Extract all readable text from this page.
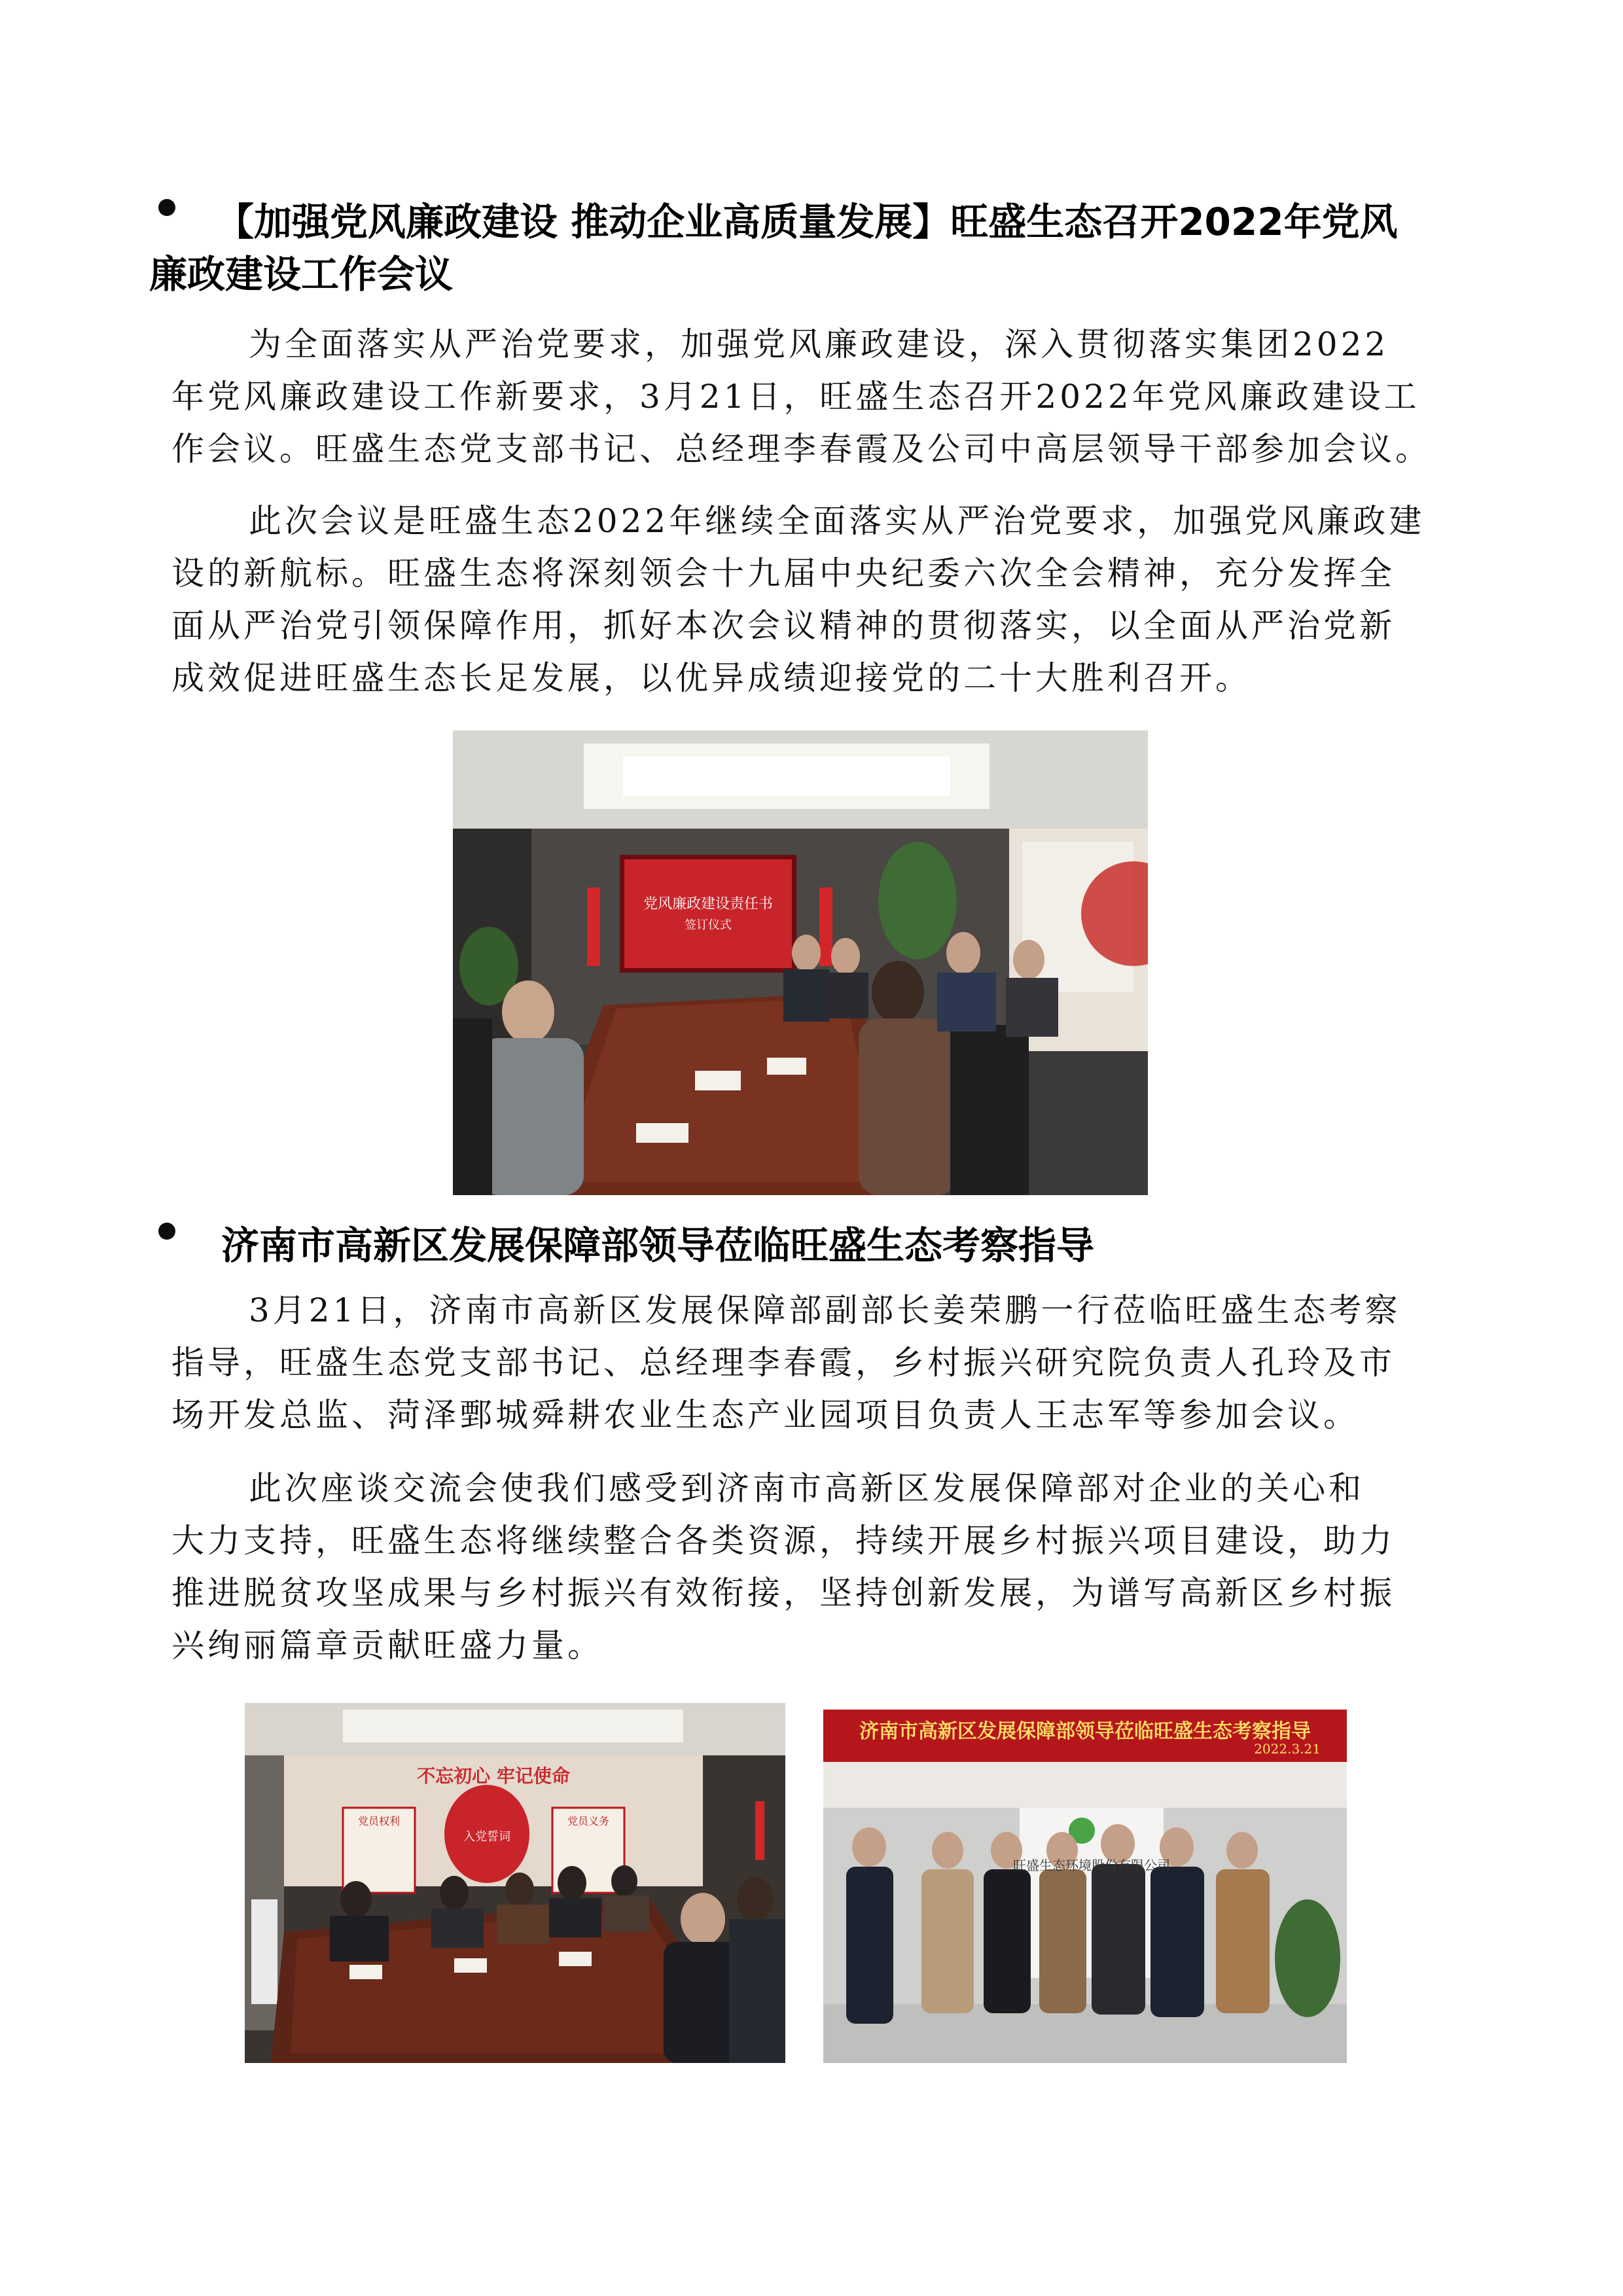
【加强党风廉政建设 推动企业高质量发展】旺盛生态召开2022年党风
廉政建设工作会议
为全面落实从严治党要求，加强党风廉政建设，深入贯彻落实集团2022
年党风廉政建设工作新要求，3月21日，旺盛生态召开2022年党风廉政建设工
作会议。旺盛生态党支部书记、总经理李春霞及公司中高层领导干部参加会议。
此次会议是旺盛生态2022年继续全面落实从严治党要求，加强党风廉政建
设的新航标。旺盛生态将深刻领会十九届中央纪委六次全会精神，充分发挥全
面从严治党引领保障作用，抓好本次会议精神的贯彻落实，以全面从严治党新
成效促进旺盛生态长足发展，以优异成绩迎接党的二十大胜利召开。
党风廉政建设责任书
签订仪式
济南市高新区发展保障部领导莅临旺盛生态考察指导
3月21日，济南市高新区发展保障部副部长姜荣鹏一行莅临旺盛生态考察
指导，旺盛生态党支部书记、总经理李春霞，乡村振兴研究院负责人孔玲及市
场开发总监、菏泽鄄城舜耕农业生态产业园项目负责人王志军等参加会议。
此次座谈交流会使我们感受到济南市高新区发展保障部对企业的关心和
大力支持，旺盛生态将继续整合各类资源，持续开展乡村振兴项目建设，助力
推进脱贫攻坚成果与乡村振兴有效衔接，坚持创新发展，为谱写高新区乡村振
兴绚丽篇章贡献旺盛力量。
不忘初心 牢记使命
党员权利
入党誓词
党员义务
济南市高新区发展保障部领导莅临旺盛生态考察指导
2022.3.21
旺盛生态环境股份有限公司
